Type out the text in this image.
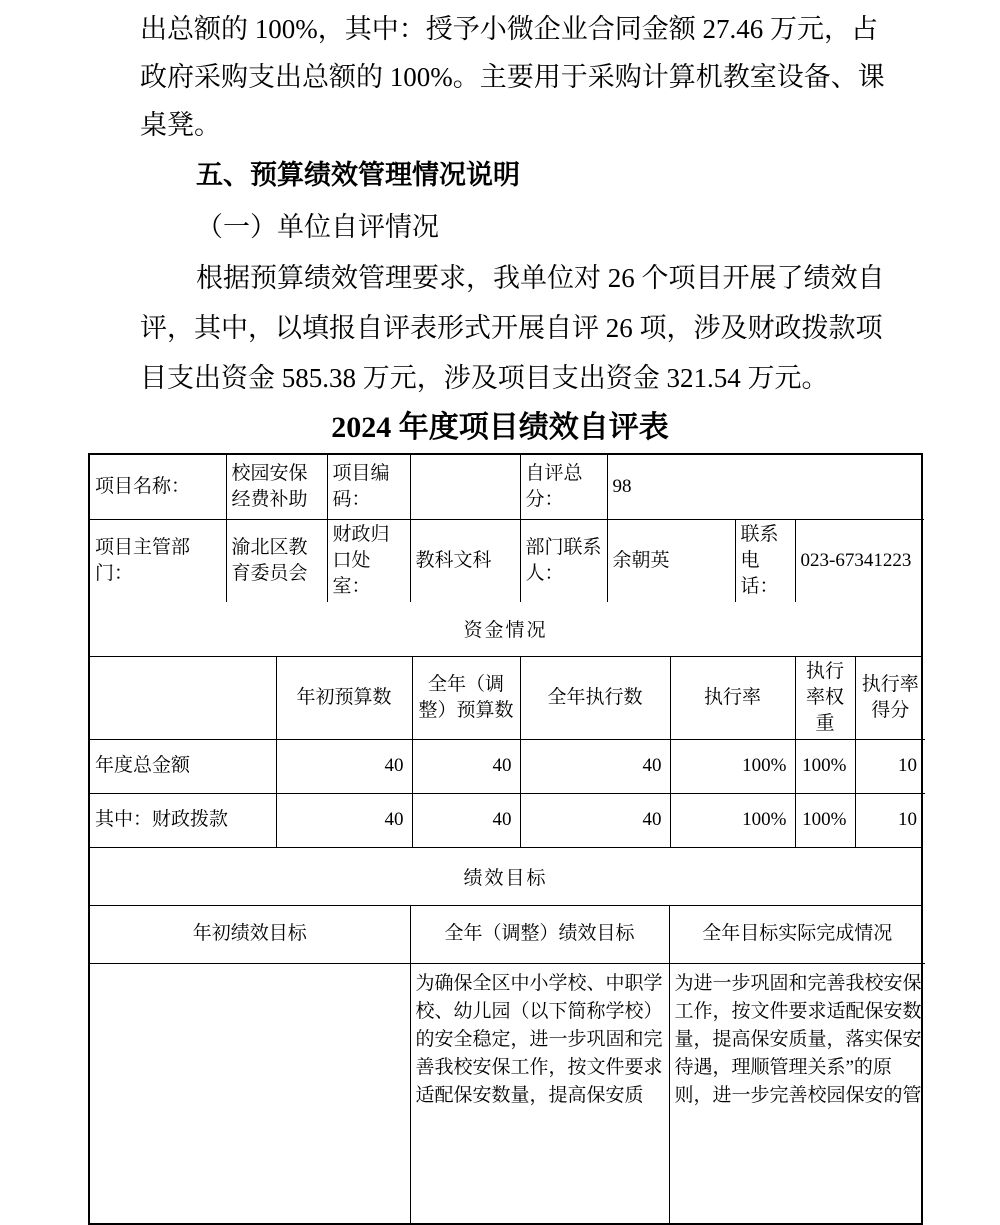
出总额的 100%，其中：授予小微企业合同金额 27.46 万元，占
政府采购支出总额的 100%。主要用于采购计算机教室设备、课
桌凳。
五、预算绩效管理情况说明
（一）单位自评情况
根据预算绩效管理要求，我单位对 26 个项目开展了绩效自
评，其中，以填报自评表形式开展自评 26 项，涉及财政拨款项
目支出资金 585.38 万元，涉及项目支出资金 321.54 万元。
2024 年度项目绩效自评表
项目名称：	校园安保经费补助	项目编码：		自评总分：	98		
项目主管部门：	渝北区教育委员会	财政归口处室：	教科文科	部门联系人：	余朝英	联系电话：	023-67341223
资金情况
	年初预算数	全年（调整）预算数	全年执行数	执行率	执行率权重	执行率得分
年度总金额	40	40	40	100%	100%	10
其中：财政拨款	40	40	40	100%	100%	10
绩效目标
年初绩效目标	全年（调整）绩效目标	全年目标实际完成情况

为确保全区中小学校、中职学
校、幼儿园（以下简称学校）
的安全稳定，进一步巩固和完
善我校安保工作，按文件要求
适配保安数量，提高保安质

为进一步巩固和完善我校安保
工作，按文件要求适配保安数
量，提高保安质量，落实保安
待遇，理顺管理关系”的原
则，进一步完善校园保安的管
